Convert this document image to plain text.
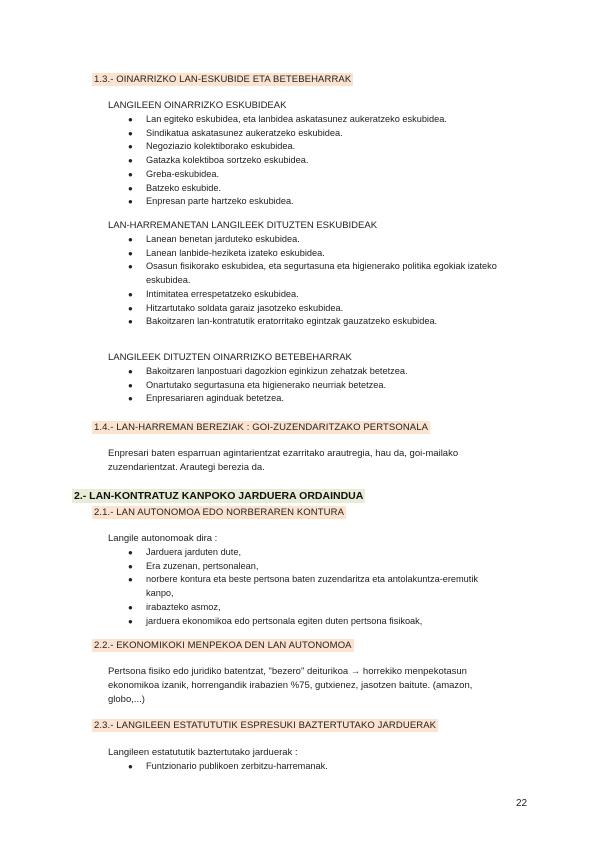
1.3.- OINARRIZKO LAN-ESKUBIDE ETA BETEBEHARRAK
LANGILEEN OINARRIZKO ESKUBIDEAK
● Lan egiteko eskubidea, eta lanbidea askatasunez aukeratzeko eskubidea.
● Sindikatua askatasunez aukeratzeko eskubidea.
● Negoziazio kolektiborako eskubidea.
● Gatazka kolektiboa sortzeko eskubidea.
● Greba-eskubidea.
● Batzeko eskubide.
● Enpresan parte hartzeko eskubidea.
LAN-HARREMANETAN LANGILEEK DITUZTEN ESKUBIDEAK
● Lanean benetan jarduteko eskubidea.
● Lanean lanbide-heziketa izateko eskubidea.
● Osasun fisikorako eskubidea, eta segurtasuna eta higienerako politika egokiak izateko eskubidea.
● Intimitatea errespetatzeko eskubidea.
● Hitzartutako soldata garaiz jasotzeko eskubidea.
● Bakoitzaren lan-kontratutik eratorritako egintzak gauzatzeko eskubidea.
LANGILEEK DITUZTEN OINARRIZKO BETEBEHARRAK
● Bakoitzaren lanpostuari dagozkion eginkizun zehatzak betetzea.
● Onartutako segurtasuna eta higienerako neurriak betetzea.
● Enpresariaren aginduak betetzea.
1.4.- LAN-HARREMAN BEREZIAK : GOI-ZUZENDARITZAKO PERTSONALA
Enpresari baten esparruan agintarientzat ezarritako arautregia, hau da, goi-mailako zuzendarientzat. Arautegi berezia da.
2.- LAN-KONTRATUZ KANPOKO JARDUERA ORDAINDUA
2.1.- LAN AUTONOMOA EDO NORBERAREN KONTURA
Langile autonomoak dira :
● Jarduera jarduten dute,
● Era zuzenan, pertsonalean,
● norbere kontura eta beste pertsona baten zuzendaritza eta antolakuntza-eremutik kanpo,
● irabazteko asmoz,
● jarduera ekonomikoa edo pertsonala egiten duten pertsona fisikoak,
2.2.- EKONOMIKOKI MENPEKOA DEN LAN AUTONOMOA
Pertsona fisiko edo juridiko batentzat, "bezero" deiturikoa → horrekiko menpekotasun ekonomikoa izanik, horrengandik irabazien %75, gutxienez, jasotzen baitute. (amazon, globo,...)
2.3.- LANGILEEN ESTATUTUTIK ESPRESUKI BAZTERTUTAKO JARDUERAK
Langileen estatututik baztertutako jarduerak :
● Funtzionario publikoen zerbitzu-harremanak.
22
